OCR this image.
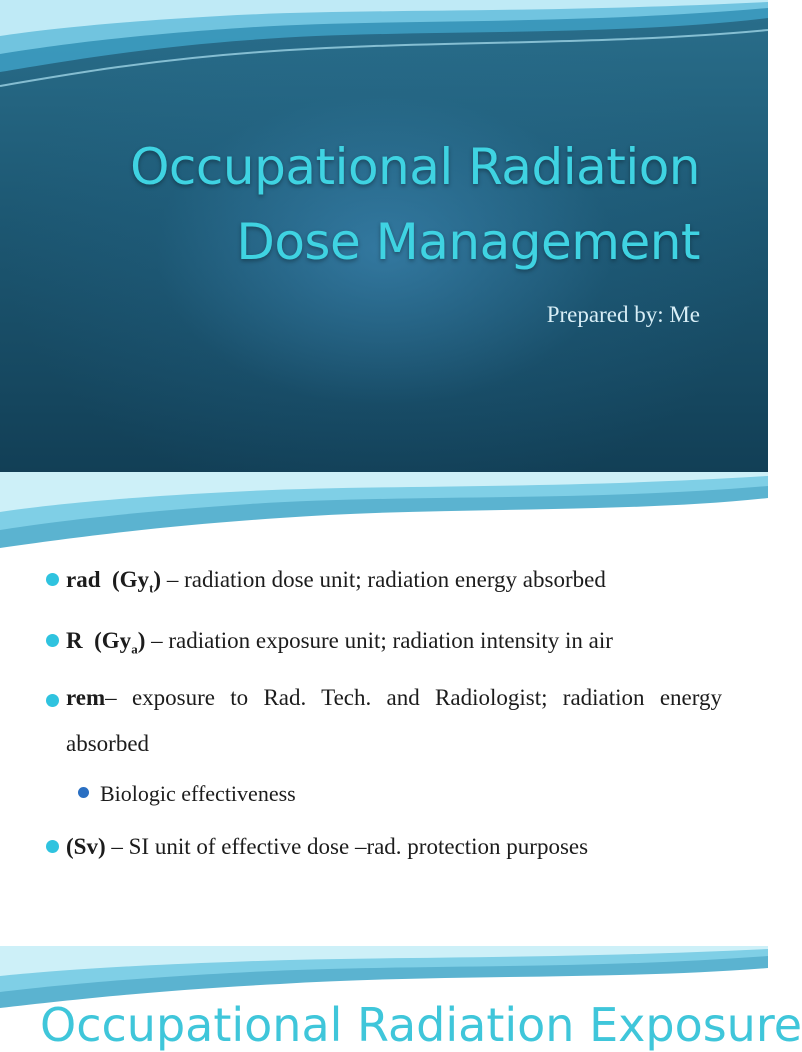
Occupational Radiation
Dose Management
Prepared by: Me
rad  $(Gy_t)$ – radiation dose unit; radiation energy absorbed
R  $(Gy_a)$ – radiation exposure unit; radiation intensity in air
rem– exposure to Rad. Tech. and Radiologist; radiation energy absorbed
Biologic effectiveness
(Sv) – SI unit of effective dose –rad. protection purposes
Occupational Radiation Exposure
